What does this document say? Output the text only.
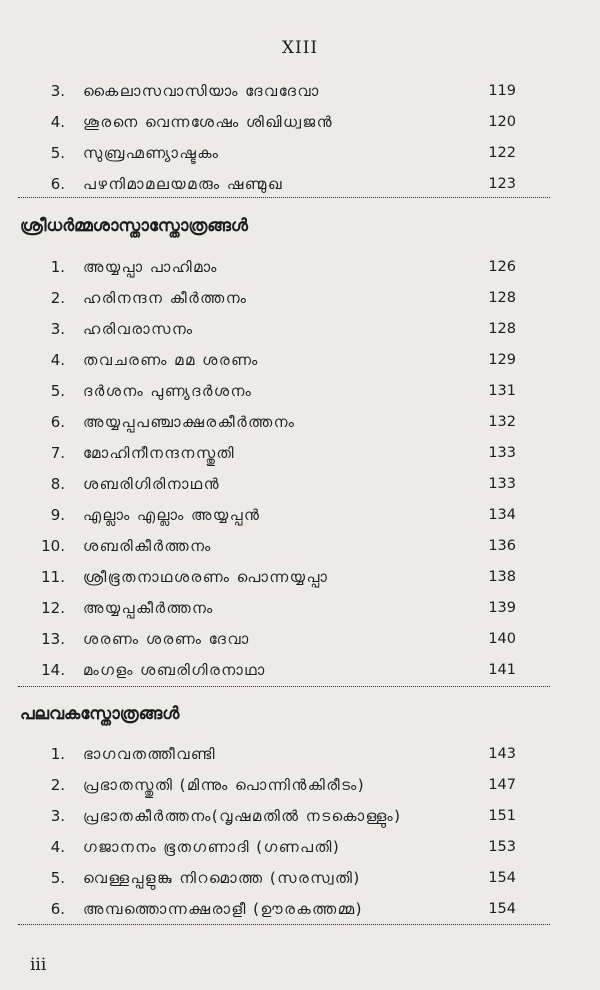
XIII
3. കൈലാസവാസിയാം ദേവദേവാ	119
4. ശൂരനെ വെന്നശേഷം ശിഖിധ്വജൻ	120
5. സുബ്രഹ്മണ്യാഷ്ടകം	122
6. പഴനിമാമലയമരും ഷണ്മുഖ	123
ശ്രീധർമ്മശാസ്താസ്തോത്രങ്ങൾ
1. അയ്യപ്പാ പാഹിമാം	126
2. ഹരിനന്ദന കീർത്തനം	128
3. ഹരിവരാസനം	128
4. തവചരണം മമ ശരണം	129
5. ദർശനം പുണ്യദർശനം	131
6. അയ്യപ്പപഞ്ചാക്ഷരകീർത്തനം	132
7. മോഹിനീനന്ദനസ്തുതി	133
8. ശബരിഗിരിനാഥൻ	133
9. എല്ലാം എല്ലാം അയ്യപ്പൻ	134
10. ശബരികീർത്തനം	136
11. ശ്രീഭൂതനാഥശരണം പൊന്നയ്യപ്പാ	138
12. അയ്യപ്പകീർത്തനം	139
13. ശരണം ശരണം ദേവാ	140
14. മംഗളം ശബരിഗിരനാഥാ	141
പലവകസ്തോത്രങ്ങൾ
1. ഭാഗവതത്തീവണ്ടി	143
2. പ്രഭാതസ്തുതി (മിന്നും പൊന്നിൻകിരീടം)	147
3. പ്രഭാതകീർത്തനം(വൃഷമതിൽ നടകൊള്ളും)	151
4. ഗജാനനം ഭൂതഗണാദി (ഗണപതി)	153
5. വെള്ളപ്പളുങ്കു നിറമൊത്ത (സരസ്വതി)	154
6. അമ്പത്തൊന്നക്ഷരാളീ (ഊരകത്തമ്മ)	154
iii
